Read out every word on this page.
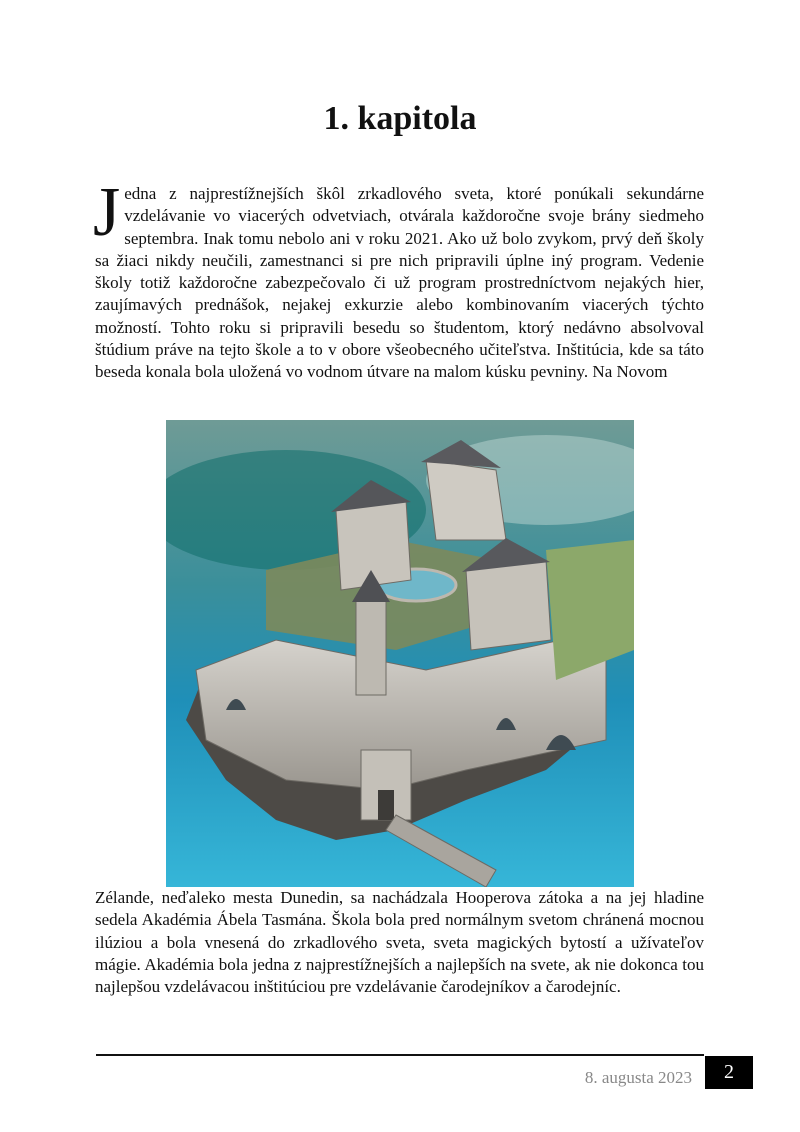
1. kapitola

Jedna z najprestížnejších škôl zrkadlového sveta, ktoré ponúkali sekundárne vzdelávanie vo viacerých odvetviach, otvárala každoročne svoje brány siedmeho septembra. Inak tomu nebolo ani v roku 2021. Ako už bolo zvykom, prvý deň školy sa žiaci nikdy neučili, zamestnanci si pre nich pripravili úplne iný program. Vedenie školy totiž každoročne zabezpečovalo či už program prostredníctvom nejakých hier, zaujímavých prednášok, nejakej exkurzie alebo kombinovaním viacerých týchto možností. Tohto roku si pripravili besedu so študentom, ktorý nedávno absolvoval štúdium práve na tejto škole a to v obore všeobecného učiteľstva. Inštitúcia, kde sa táto beseda konala bola uložená vo vodnom útvare na malom kúsku pevniny. Na Novom

Zélande, neďaleko mesta Dunedin, sa nachádzala Hooperova zátoka a na jej hladine sedela Akadémia Ábela Tasmána. Škola bola pred normálnym svetom chránená mocnou ilúziou a bola vnesená do zrkadlového sveta, sveta magických bytostí a užívateľov mágie. Akadémia bola jedna z najprestížnejších a najlepších na svete, ak nie dokonca tou najlepšou vzdelávacou inštitúciou pre vzdelávanie čarodejníkov a čarodejníc.

8. augusta 2023	2
